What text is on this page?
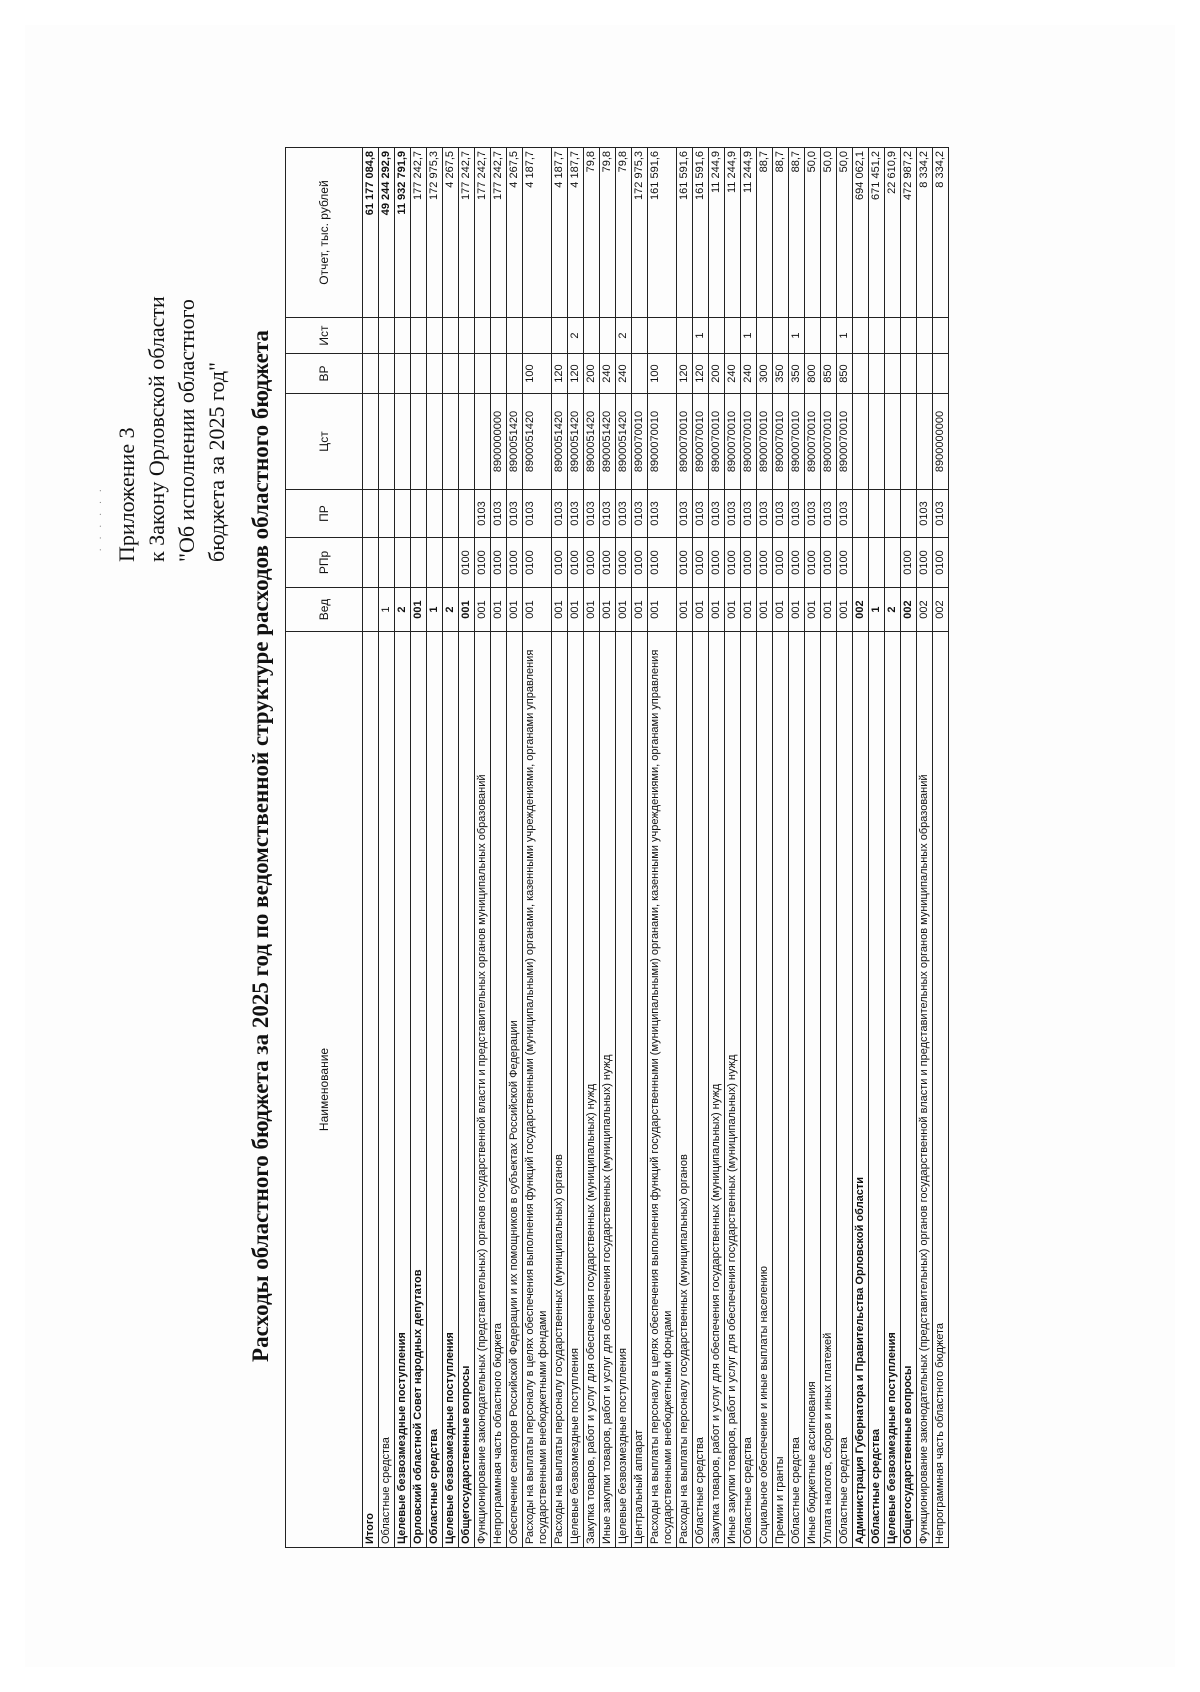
· · · · · · Приложение 3 к Закону Орловской области "Об исполнении областного бюджета за 2025 год" Расходы областного бюджета за 2025 год по ведомственной структуре расходов областного бюджета	Наименование	Вед	РПр	ПР	Цст	ВР	Ист	Отчет, тыс. рублей
Итого							61 177 084,8
Областные средства	1						49 244 292,9
Целевые безвозмездные поступления	2						11 932 791,9
Орловский областной Совет народных депутатов	001						177 242,7
Областные средства	1						172 975,3
Целевые безвозмездные поступления	2						4 267,5
Общегосударственные вопросы	001	0100					177 242,7
Функционирование законодательных (представительных) органов государственной власти и представительных органов муниципальных образований	001	0100	0103				177 242,7
Непрограммная часть областного бюджета	001	0100	0103	8900000000			177 242,7
Обеспечение сенаторов Российской Федерации и их помощников в субъектах Российской Федерации	001	0100	0103	8900051420			4 267,5
Расходы на выплаты персоналу в целях обеспечения выполнения функций государственными (муниципальными) органами, казенными учреждениями, органами управления государственными внебюджетными фондами	001	0100	0103	8900051420	100		4 187,7
Расходы на выплаты персоналу государственных (муниципальных) органов	001	0100	0103	8900051420	120		4 187,7
Целевые безвозмездные поступления	001	0100	0103	8900051420	120	2	4 187,7
Закупка товаров, работ и услуг для обеспечения государственных (муниципальных) нужд	001	0100	0103	8900051420	200		79,8
Иные закупки товаров, работ и услуг для обеспечения государственных (муниципальных) нужд	001	0100	0103	8900051420	240		79,8
Целевые безвозмездные поступления	001	0100	0103	8900051420	240	2	79,8
Центральный аппарат	001	0100	0103	8900070010			172 975,3
Расходы на выплаты персоналу в целях обеспечения выполнения функций государственными (муниципальными) органами, казенными учреждениями, органами управления государственными внебюджетными фондами	001	0100	0103	8900070010	100		161 591,6
Расходы на выплаты персоналу государственных (муниципальных) органов	001	0100	0103	8900070010	120		161 591,6
Областные средства	001	0100	0103	8900070010	120	1	161 591,6
Закупка товаров, работ и услуг для обеспечения государственных (муниципальных) нужд	001	0100	0103	8900070010	200		11 244,9
Иные закупки товаров, работ и услуг для обеспечения государственных (муниципальных) нужд	001	0100	0103	8900070010	240		11 244,9
Областные средства	001	0100	0103	8900070010	240	1	11 244,9
Социальное обеспечение и иные выплаты населению	001	0100	0103	8900070010	300		88,7
Премии и гранты	001	0100	0103	8900070010	350		88,7
Областные средства	001	0100	0103	8900070010	350	1	88,7
Иные бюджетные ассигнования	001	0100	0103	8900070010	800		50,0
Уплата налогов, сборов и иных платежей	001	0100	0103	8900070010	850		50,0
Областные средства	001	0100	0103	8900070010	850	1	50,0
Администрация Губернатора и Правительства Орловской области	002						694 062,1
Областные средства	1						671 451,2
Целевые безвозмездные поступления	2						22 610,9
Общегосударственные вопросы	002	0100					472 987,2
Функционирование законодательных (представительных) органов государственной власти и представительных органов муниципальных образований	002	0100	0103				8 334,2
Непрограммная часть областного бюджета	002	0100	0103	8900000000			8 334,2
